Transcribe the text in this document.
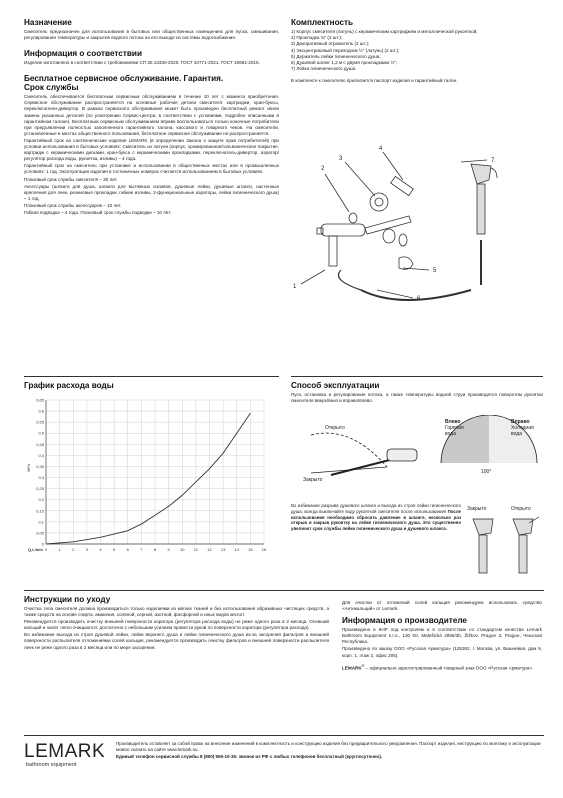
Назначение

Смеситель предназначен для использования в бытовых или общественных помещениях для пуска, смешивания, регулирования температуры и закрытия водного потока на его выходе из системы водоснабжения.

Информация о соответствии

Изделие изготовлено в соответствии с требованиями СП 30.13330-2020, ГОСТ 34771-2021, ГОСТ 19681-2016.

Бесплатное сервисное обслуживание. Гарантия.
Срок службы

Смеситель обеспечивается бесплатным сервисным обслуживанием в течение 10 лет с момента приобретения. Сервисное обслуживание распространяется на основные рабочие детали смесителя: картриджи, кран-буксы, переключатели-дивертор. В рамках сервисного обслуживания может быть произведен бесплатный ремонт и/или замена указанных деталей (по усмотрению Сервис-центра, в соответствии с условиями, подробно описанными в гарантийном талоне). Бесплатным сервисным обслуживанием вправе воспользоваться только конечные потребители при предъявлении полностью заполненного гарантийного талона, кассового и товарного чеков. На смесители, установленные в местах общественного пользования, бесплатное сервисное обслуживание не распространяется.

Гарантийный срок на сантехнические изделия LEMARK (в определении Закона о защите прав потребителей) при условии использования в бытовых условиях: Смеситель из латуни (корпус, хромированное/гальваническое покрытие, картридж с керамическими дисками, кран-букса с керамическими прокладками, переключатель-дивертор, аэратор/регулятор расхода воды, рукоятка, изливы) – 4 года.

Гарантийный срок на смеситель при установке и использовании в общественных местах или в промышленных условиях: 1 год. Эксплуатация изделия в гостиничных номерах считается использованием в бытовых условиях.

Плановый срок службы смесителя – 30 лет.

Аксессуары (шланги для душа, шланги для вытяжных изливов, душевые лейки, душевые штанги, настенные крепления для леек, резиновые прокладки, гибкие изливы, 2-функциональные аэраторы, лейки гигиенического душа) – 1 год.

Плановый срок службы аксессуаров – 10 лет.

Гибкая подводка – 4 года. Плановый срок службы подводки – 10 лет.

Комплектность
1) Корпус смесителя (латунь) с керамическим картриджем и металлической рукояткой;
2) Прокладка ¾" (2 шт.);
3) Декоративный отражатель (2 шт.);
4) Эксцентриковый переходник ½" (латунь) (2 шт.);
5) Держатель лейки гигиенического душа;
6) Душевой шланг 1,2 м с двумя прокладками ½";
7) Лейка гигиенического душа.

В комплекте к смесителю прилагается паспорт изделия и гарантийный талон.

2
3
4
7
5
6
1
График расхода воды
0
0,05
0,1
0,15
0,2
0,25
0,3
0,35
0,4
0,45
0,5
0,55
0,6
0,65
0	1	2	3	4	5	6	7	8	9	10 11 12 13 14 15 16
Q,L/min
MPa
Способ эксплуатации

Пуск, остановка и регулирование потока, а также температуры водной струи производятся поворотом рукоятки смесителя вверх/вниз и вправо/влево.

Открыто
Закрыто
Влево
Горячая
вода
Вправо
Холодная
вода
100°

Во избежание разрыва душевого шланга и выхода из строя лейки гигиенического душа, всегда выключайте воду рукояткой смесителя после использования! После использования необходимо сбросить давление в шланге, несколько раз открыв и закрыв рукоятку на лейке гигиенического душа. Это существенно увеличит срок службы лейки гигиенического душа и душевого шланга.

Закрыто	Открыто
Инструкции по уходу

Очистка тела смесителя должна производиться только изделиями из мягких тканей и без использования абразивных чистящих средств, а также средств на основе спирта, аммония, соляной, серной, азотной, фосфорной и иных видов кислот.

Рекомендуется производить очистку внешней поверхности аэратора (регулятора расхода воды) не реже одного раза в 2 месяца. Осевший кальций и налет легко очищаются: достаточно с небольшим усилием провести рукой по поверхности аэратора (регулятора расхода).

Во избежание выхода из строя душевой лейки, лейки верхнего душа и лейки гигиенического душа из-за засорения фильтров и внешней поверхности распылителя отложениями солей кальция, рекомендуется производить очистку фильтров и внешней поверхности распылителя леек не реже одного раза в 2 месяца или по мере засорения.

Для очистки от отложений солей кальция рекомендуем использовать средство «Антикальций» от Lemark.

Информация о производителе

Произведено в КНР под контролем и в соответствии со стандартом качества Lemark Bathroom Equipment s.r.o., 130 00, Malešická 2855/2b, Žižkov, Prague 3, Prague, Чешская Республика.

Произведено по заказу ООО «Русская Арматура» (125362, г. Москва, ул. Вишневая, дом 9, корп. 1, этаж 2, офис 205).

LEMARK® – официально зарегистрированный товарный знак ООО «Русская Арматура».

LEMARK
bathroom equipment
Производитель оставляет за собой право на внесение изменений в комплектность и конструкцию изделия без предварительного уведомления. Паспорт изделия, инструкцию по монтажу и эксплуатации можно скачать на сайте www.lemark.su.
Единый телефон сервисной службы 8 (800) 555-10-35: звонок из РФ с любых телефонов бесплатный (круглосуточно).
